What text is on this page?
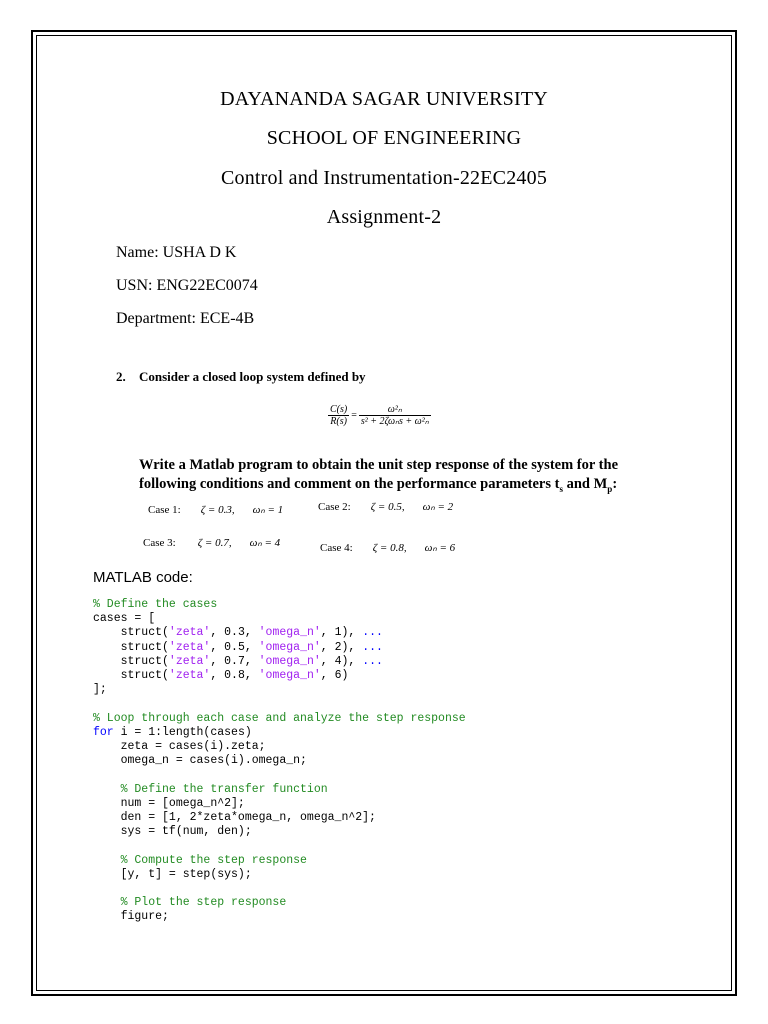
DAYANANDA SAGAR UNIVERSITY
SCHOOL OF ENGINEERING
Control and Instrumentation-22EC2405
Assignment-2
Name: USHA D K
USN: ENG22EC0074
Department: ECE-4B
2. Consider a closed loop system defined by
C(s)	=	ω²ₙ
R(s)		s² + 2ζωₙs + ω²ₙ
Write a Matlab program to obtain the unit step response of the system for the
following conditions and comment on the performance parameters $t_s$ and $M_p$:
Case 1: ζ = 0.3, ωₙ = 1	Case 2: ζ = 0.5, ωₙ = 2
Case 3: ζ = 0.7, ωₙ = 4	Case 4: ζ = 0.8, ωₙ = 6
MATLAB code:
% Define the cases
cases = [
struct('zeta', 0.3, 'omega_n', 1), ...
struct('zeta', 0.5, 'omega_n', 2), ...
struct('zeta', 0.7, 'omega_n', 4), ...
struct('zeta', 0.8, 'omega_n', 6)
];

% Loop through each case and analyze the step response
for i = 1:length(cases)
zeta = cases(i).zeta;
omega_n = cases(i).omega_n;

% Define the transfer function
num = [omega_n^2];
den = [1, 2*zeta*omega_n, omega_n^2];
sys = tf(num, den);

% Compute the step response
[y, t] = step(sys);

% Plot the step response
figure;
